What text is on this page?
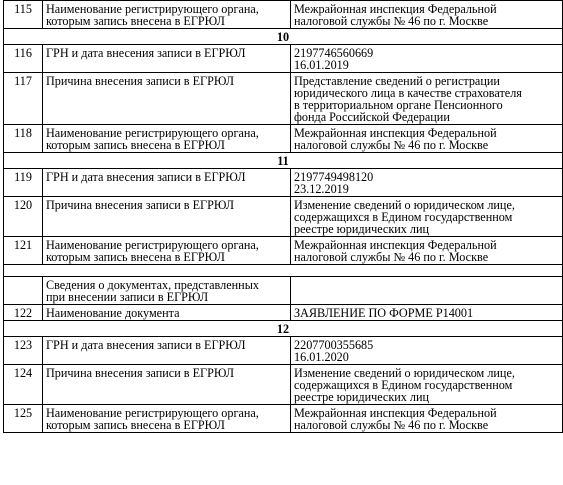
115	Наименование регистрирующего органа,
которым запись внесена в ЕГРЮЛ	Межрайонная инспекция Федеральной
налоговой службы № 46 по г. Москве

10		
116	ГРН и дата внесения записи в ЕГРЮЛ	2197746560669
16.01.2019

117	Причина внесения записи в ЕГРЮЛ	Представление сведений о регистрации
юридического лица в качестве страхователя
в территориальном органе Пенсионного
фонда Российской Федерации

118	Наименование регистрирующего органа,
которым запись внесена в ЕГРЮЛ	Межрайонная инспекция Федеральной
налоговой службы № 46 по г. Москве

11		
119	ГРН и дата внесения записи в ЕГРЮЛ	2197749498120
23.12.2019

120	Причина внесения записи в ЕГРЮЛ	Изменение сведений о юридическом лице,
содержащихся в Едином государственном
реестре юридических лиц

121	Наименование регистрирующего органа,
которым запись внесена в ЕГРЮЛ	Межрайонная инспекция Федеральной
налоговой службы № 46 по г. Москве

	Сведения о документах, представленных
при внесении записи в ЕГРЮЛ	

122	Наименование документа	ЗАЯВЛЕНИЕ ПО ФОРМЕ Р14001

12		
123	ГРН и дата внесения записи в ЕГРЮЛ	2207700355685
16.01.2020

124	Причина внесения записи в ЕГРЮЛ	Изменение сведений о юридическом лице,
содержащихся в Едином государственном
реестре юридических лиц

125	Наименование регистрирующего органа,
которым запись внесена в ЕГРЮЛ	Межрайонная инспекция Федеральной
налоговой службы № 46 по г. Москве
